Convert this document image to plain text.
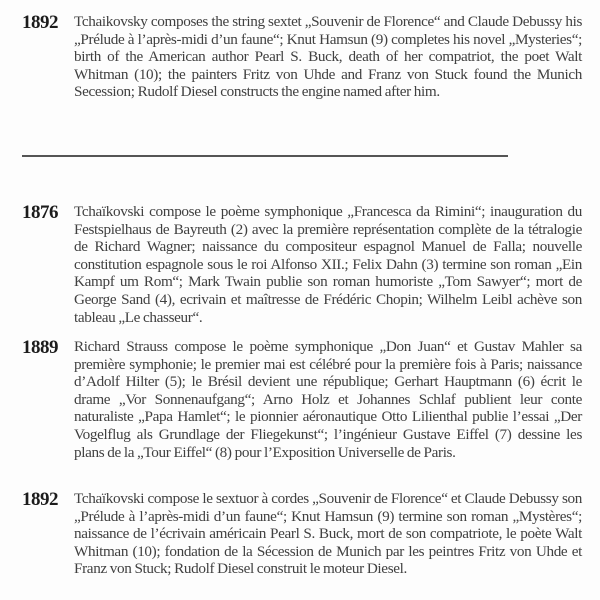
1892	Tchaikovsky composes the string sextet „Souvenir de Florence“ and Claude Debussy his „Prélude à l’après-midi d’un faune“; Knut Hamsun (9) completes his novel „Mysteries“; birth of the American author Pearl S. Buck, death of her compatriot, the poet Walt Whitman (10); the painters Fritz von Uhde and Franz von Stuck found the Munich Secession; Rudolf Diesel constructs the engine named after him.
1876	Tchaïkovski compose le poème symphonique „Francesca da Rimini“; inauguration du Festspielhaus de Bayreuth (2) avec la première représentation complète de la tétralogie de Richard Wagner; naissance du compositeur espagnol Manuel de Falla; nouvelle constitution espagnole sous le roi Alfonso XII.; Felix Dahn (3) termine son roman „Ein Kampf um Rom“; Mark Twain publie son roman humoriste „Tom Sawyer“; mort de George Sand (4), ecrivain et maîtresse de Frédéric Chopin; Wilhelm Leibl achève son tableau „Le chasseur“.
1889	Richard Strauss compose le poème symphonique „Don Juan“ et Gustav Mahler sa première symphonie; le premier mai est célébré pour la première fois à Paris; naissance d’Adolf Hilter (5); le Brésil devient une république; Gerhart Hauptmann (6) écrit le drame „Vor Sonnenaufgang“; Arno Holz et Johannes Schlaf publient leur conte naturaliste „Papa Hamlet“; le pionnier aéronautique Otto Lilienthal publie l’essai „Der Vogelflug als Grundlage der Fliegekunst“; l’ingénieur Gustave Eiffel (7) dessine les plans de la „Tour Eiffel“ (8) pour l’Exposition Universelle de Paris.
1892	Tchaïkovski compose le sextuor à cordes „Souvenir de Florence“ et Claude Debussy son „Prélude à l’après-midi d’un faune“; Knut Hamsun (9) termine son roman „Mystères“; naissance de l’écrivain américain Pearl S. Buck, mort de son compatriote, le poète Walt Whitman (10); fondation de la Sécession de Munich par les peintres Fritz von Uhde et Franz von Stuck; Rudolf Diesel construit le moteur Diesel.
